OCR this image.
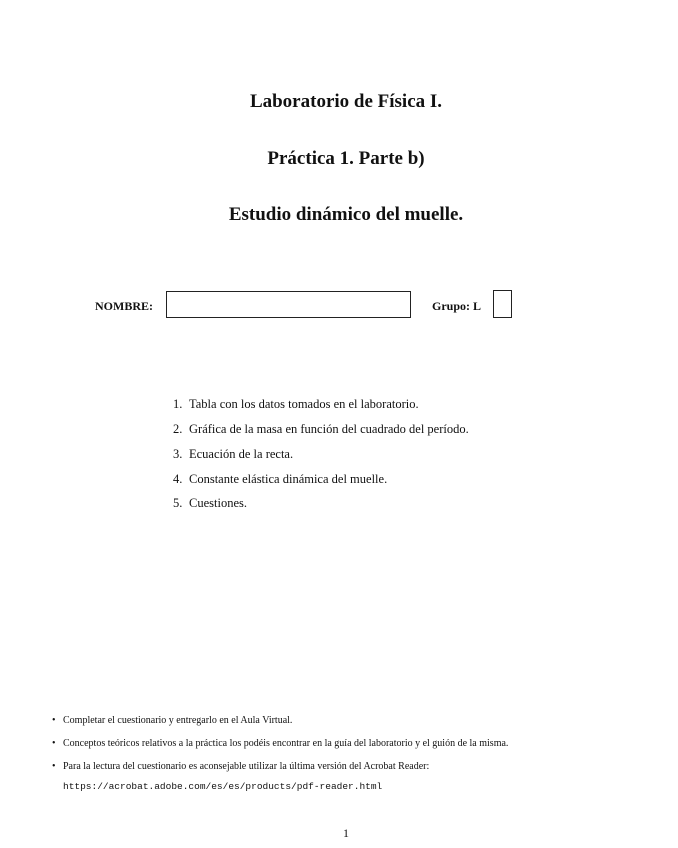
Laboratorio de Física I.
Práctica 1. Parte b)
Estudio dinámico del muelle.
NOMBRE:	Grupo: L
1. Tabla con los datos tomados en el laboratorio.
2. Gráfica de la masa en función del cuadrado del período.
3. Ecuación de la recta.
4. Constante elástica dinámica del muelle.
5. Cuestiones.
• Completar el cuestionario y entregarlo en el Aula Virtual.
• Conceptos teóricos relativos a la práctica los podéis encontrar en la guía del laboratorio y el guión de la misma.
• Para la lectura del cuestionario es aconsejable utilizar la última versión del Acrobat Reader:
https://acrobat.adobe.com/es/es/products/pdf-reader.html
1
